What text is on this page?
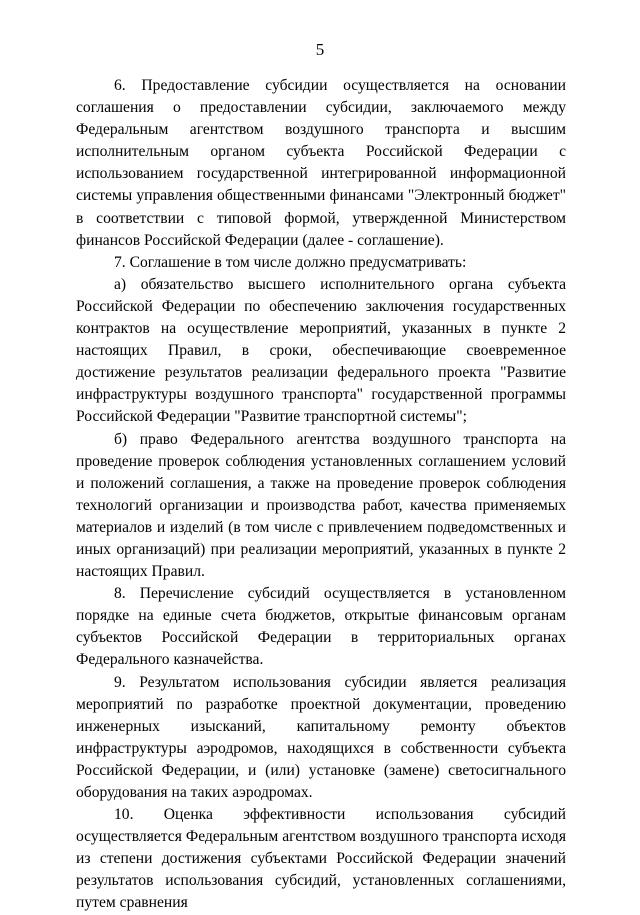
5

6. Предоставление субсидии осуществляется на основании соглашения о предоставлении субсидии, заключаемого между Федеральным агентством воздушного транспорта и высшим исполнительным органом субъекта Российской Федерации с использованием государственной интегрированной информационной системы управления общественными финансами "Электронный бюджет" в соответствии с типовой формой, утвержденной Министерством финансов Российской Федерации (далее - соглашение).

7. Соглашение в том числе должно предусматривать:

а) обязательство высшего исполнительного органа субъекта Российской Федерации по обеспечению заключения государственных контрактов на осуществление мероприятий, указанных в пункте 2 настоящих Правил, в сроки, обеспечивающие своевременное достижение результатов реализации федерального проекта "Развитие инфраструктуры воздушного транспорта" государственной программы Российской Федерации "Развитие транспортной системы";

б) право Федерального агентства воздушного транспорта на проведение проверок соблюдения установленных соглашением условий и положений соглашения, а также на проведение проверок соблюдения технологий организации и производства работ, качества применяемых материалов и изделий (в том числе с привлечением подведомственных и иных организаций) при реализации мероприятий, указанных в пункте 2 настоящих Правил.

8. Перечисление субсидий осуществляется в установленном порядке на единые счета бюджетов, открытые финансовым органам субъектов Российской Федерации в территориальных органах Федерального казначейства.

9. Результатом использования субсидии является реализация мероприятий по разработке проектной документации, проведению инженерных изысканий, капитальному ремонту объектов инфраструктуры аэродромов, находящихся в собственности субъекта Российской Федерации, и (или) установке (замене) светосигнального оборудования на таких аэродромах.

10. Оценка эффективности использования субсидий осуществляется Федеральным агентством воздушного транспорта исходя из степени достижения субъектами Российской Федерации значений результатов использования субсидий, установленных соглашениями, путем сравнения
